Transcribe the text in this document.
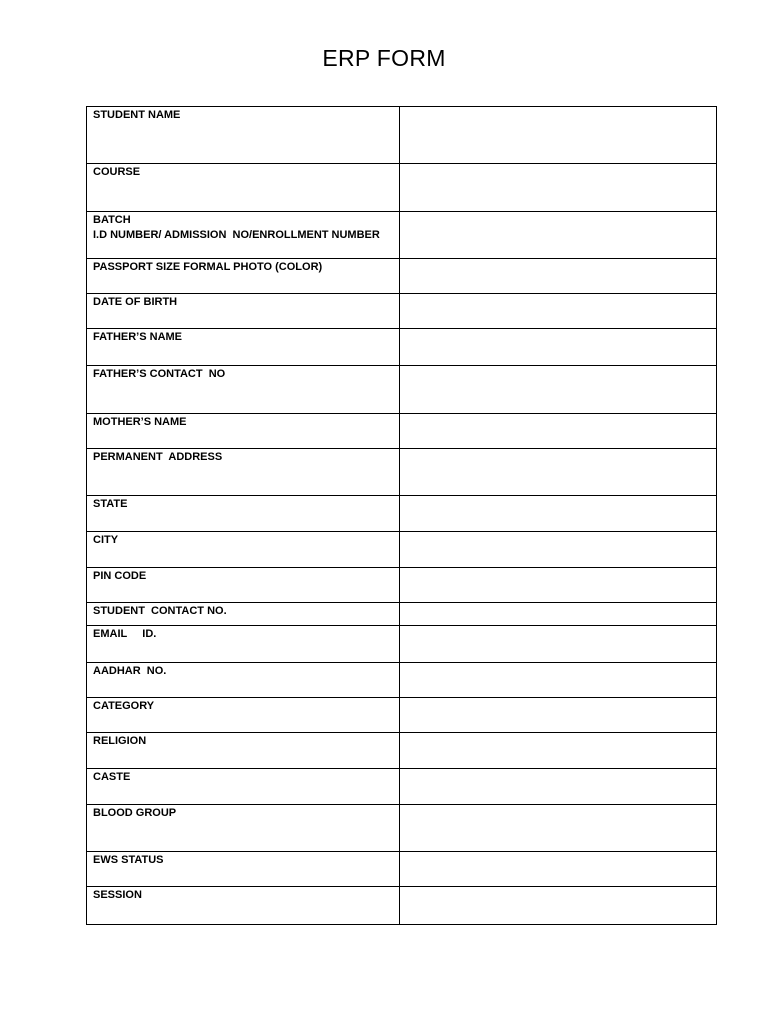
ERP FORM
STUDENT NAME	

COURSE	

BATCH
I.D NUMBER/ ADMISSION  NO/ENROLLMENT NUMBER	

PASSPORT SIZE FORMAL PHOTO (COLOR)	

DATE OF BIRTH	

FATHER’S NAME	

FATHER’S CONTACT  NO	

MOTHER’S NAME	

PERMANENT  ADDRESS	

STATE	

CITY	

PIN CODE	

STUDENT  CONTACT NO.	

EMAIL     ID.	

AADHAR  NO.	

CATEGORY	

RELIGION	

CASTE	

BLOOD GROUP	

EWS STATUS	

SESSION	
